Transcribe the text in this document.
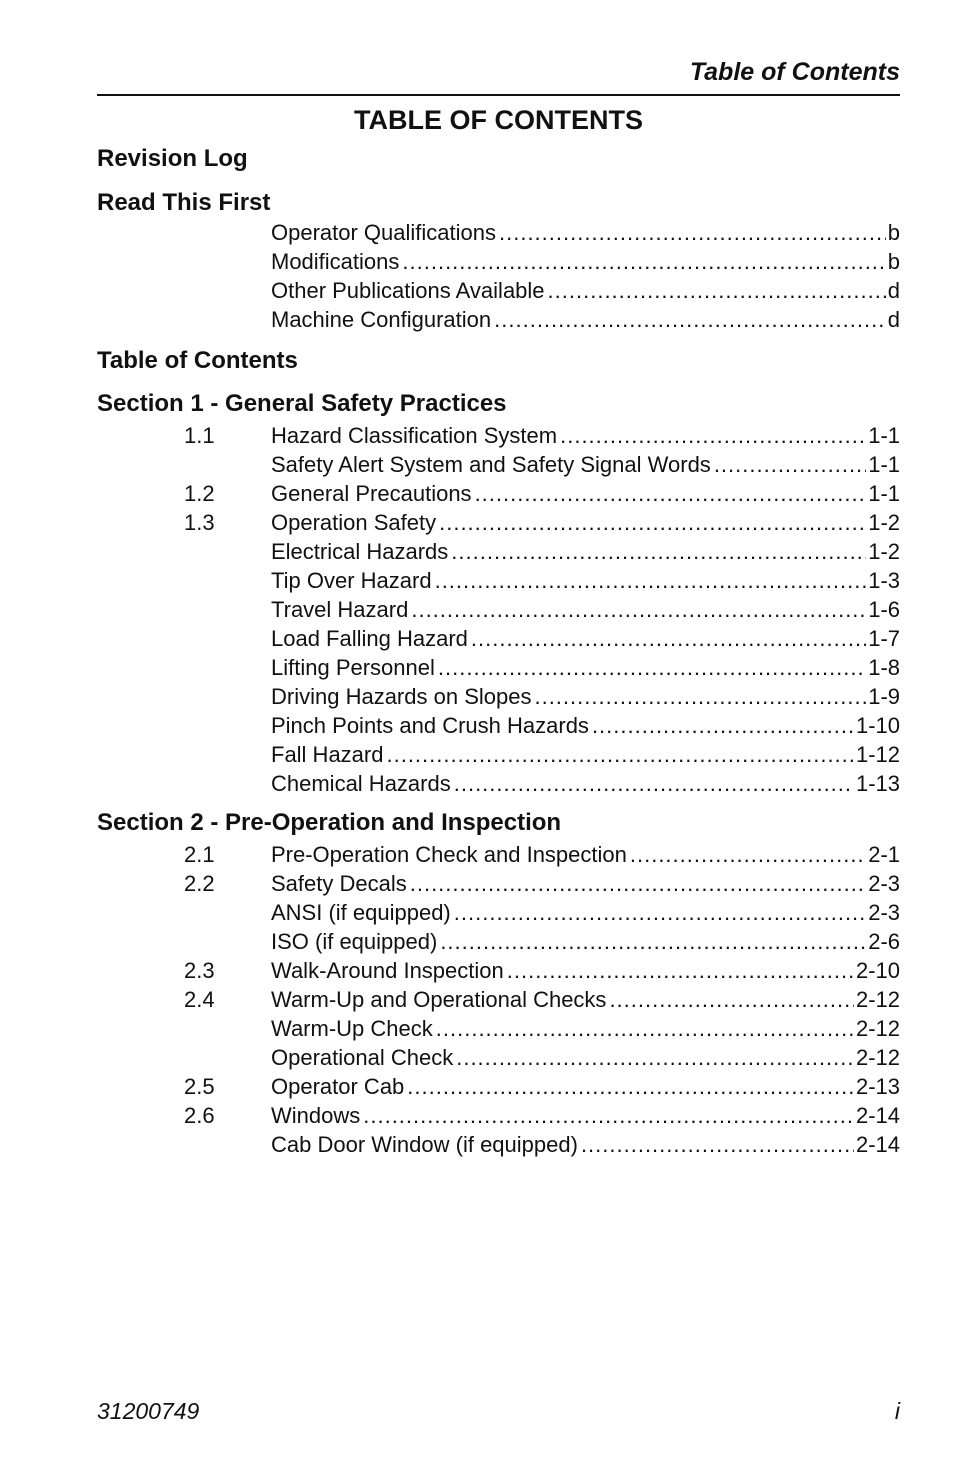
Table of Contents
TABLE OF CONTENTS
Revision Log
Read This First
Operator Qualifications .....	b
Modifications .....	b
Other Publications Available .....	d
Machine Configuration .....	d
Table of Contents
Section 1 - General Safety Practices
1.1	Hazard Classification System .....	1-1
Safety Alert System and Safety Signal Words .....	1-1
1.2	General Precautions .....	1-1
1.3	Operation Safety .....	1-2
Electrical Hazards .....	1-2
Tip Over Hazard .....	1-3
Travel Hazard .....	1-6
Load Falling Hazard .....	1-7
Lifting Personnel .....	1-8
Driving Hazards on Slopes .....	1-9
Pinch Points and Crush Hazards .....	1-10
Fall Hazard .....	1-12
Chemical Hazards .....	1-13
Section 2 - Pre-Operation and Inspection
2.1	Pre-Operation Check and Inspection .....	2-1
2.2	Safety Decals .....	2-3
ANSI (if equipped) .....	2-3
ISO (if equipped) .....	2-6
2.3	Walk-Around Inspection .....	2-10
2.4	Warm-Up and Operational Checks .....	2-12
Warm-Up Check .....	2-12
Operational Check .....	2-12
2.5	Operator Cab .....	2-13
2.6	Windows .....	2-14
Cab Door Window (if equipped) .....	2-14
31200749	i
